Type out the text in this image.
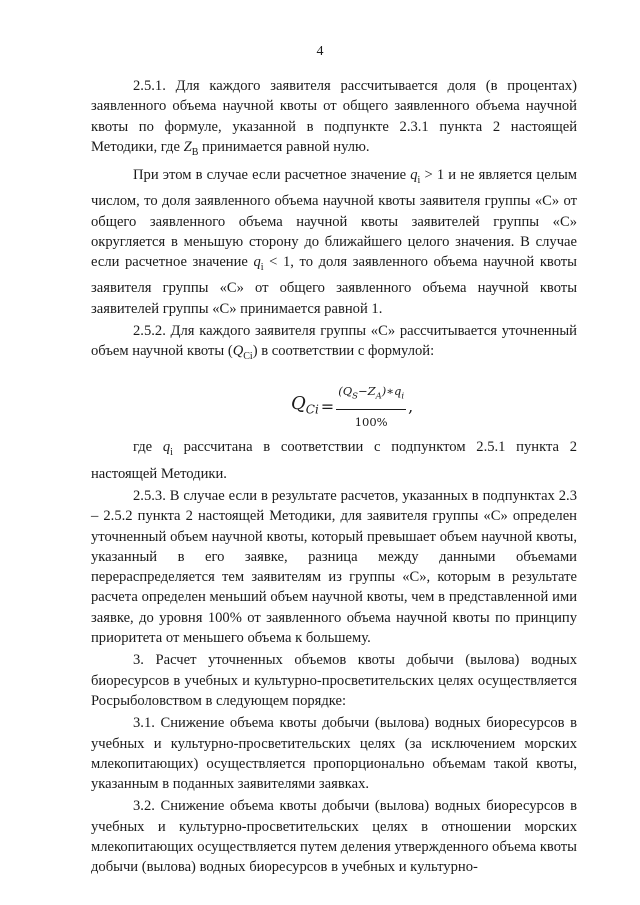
4

2.5.1. Для каждого заявителя рассчитывается доля (в процентах) заявленного объема научной квоты от общего заявленного объема научной квоты по формуле, указанной в подпункте 2.3.1 пункта 2 настоящей Методики, где $Z_B$ принимается равной нулю.

При этом в случае если расчетное значение $q_i > 1$ и не является целым числом, то доля заявленного объема научной квоты заявителя группы «С» от общего заявленного объема научной квоты заявителей группы «С» округляется в меньшую сторону до ближайшего целого значения. В случае если расчетное значение $q_i < 1$, то доля заявленного объема научной квоты заявителя группы «С» от общего заявленного объема научной квоты заявителей группы «С» принимается равной 1.

2.5.2. Для каждого заявителя группы «С» рассчитывается уточненный объем научной квоты $(Q_{Ci})$ в соответствии с формулой:

$Q_{Ci} = \frac{(Q_S-Z_A)∗q_i}{100\%}$ ,

где $q_i$ рассчитана в соответствии с подпунктом 2.5.1 пункта 2 настоящей Методики.

2.5.3. В случае если в результате расчетов, указанных в подпунктах 2.3 – 2.5.2 пункта 2 настоящей Методики, для заявителя группы «С» определен уточненный объем научной квоты, который превышает объем научной квоты, указанный в его заявке, разница между данными объемами перераспределяется тем заявителям из группы «С», которым в результате расчета определен меньший объем научной квоты, чем в представленной ими заявке, до уровня 100% от заявленного объема научной квоты по принципу приоритета от меньшего объема к большему.

3. Расчет уточненных объемов квоты добычи (вылова) водных биоресурсов в учебных и культурно-просветительских целях осуществляется Росрыболовством в следующем порядке:

3.1. Снижение объема квоты добычи (вылова) водных биоресурсов в учебных и культурно-просветительских целях (за исключением морских млекопитающих) осуществляется пропорционально объемам такой квоты, указанным в поданных заявителями заявках.

3.2. Снижение объема квоты добычи (вылова) водных биоресурсов в учебных и культурно-просветительских целях в отношении морских млекопитающих осуществляется путем деления утвержденного объема квоты добычи (вылова) водных биоресурсов в учебных и культурно-
